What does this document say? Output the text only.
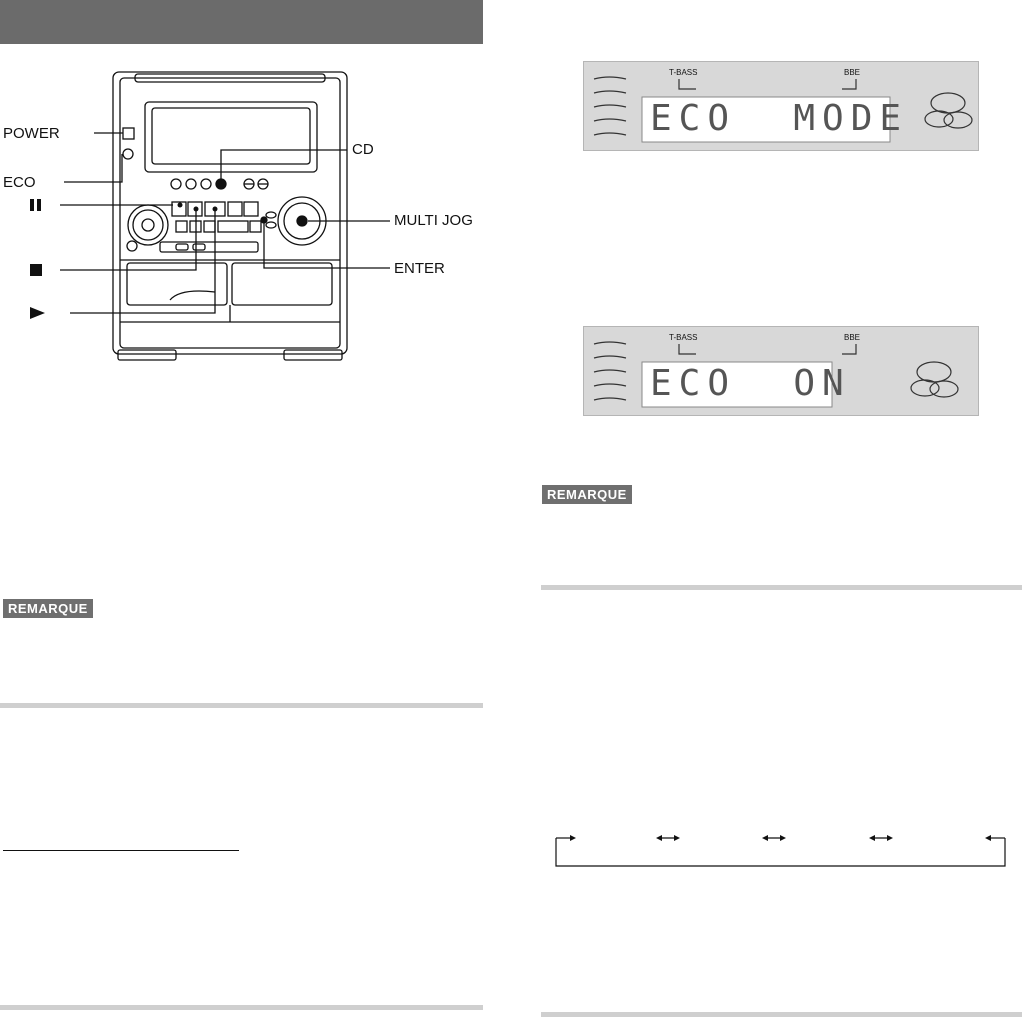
POWER
ECO
CD
MULTI JOG
ENTER
REMARQUE
T-BASS	BBE
ECO  MODE
T-BASS	BBE
ECO  ON
REMARQUE
